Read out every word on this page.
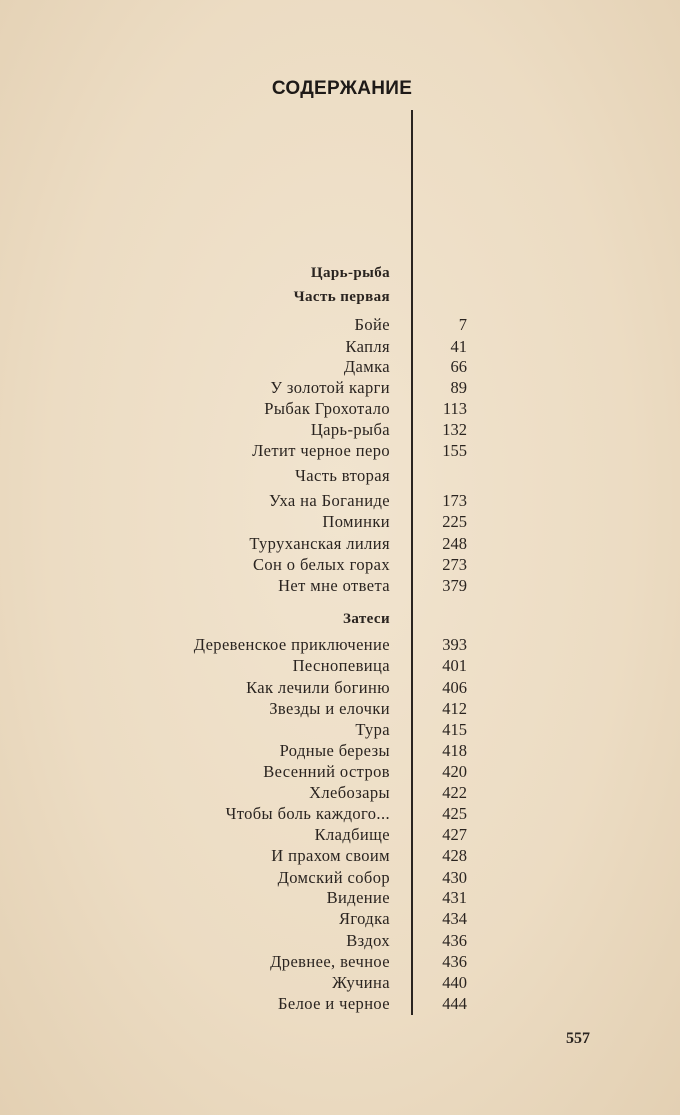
СОДЕРЖАНИЕ
Царь-рыба
Часть первая
Бойе	7
Капля	41
Дамка	66
У золотой карги	89
Рыбак Грохотало	113
Царь-рыба	132
Летит черное перо	155
Часть вторая
Уха на Боганиде	173
Поминки	225
Туруханская лилия	248
Сон о белых горах	273
Нет мне ответа	379
Затеси
Деревенское приключение	393
Песнопевица	401
Как лечили богиню	406
Звезды и елочки	412
Тура	415
Родные березы	418
Весенний остров	420
Хлебозары	422
Чтобы боль каждого...	425
Кладбище	427
И прахом своим	428
Домский собор	430
Видение	431
Ягодка	434
Вздох	436
Древнее, вечное	436
Жучина	440
Белое и черное	444
557
